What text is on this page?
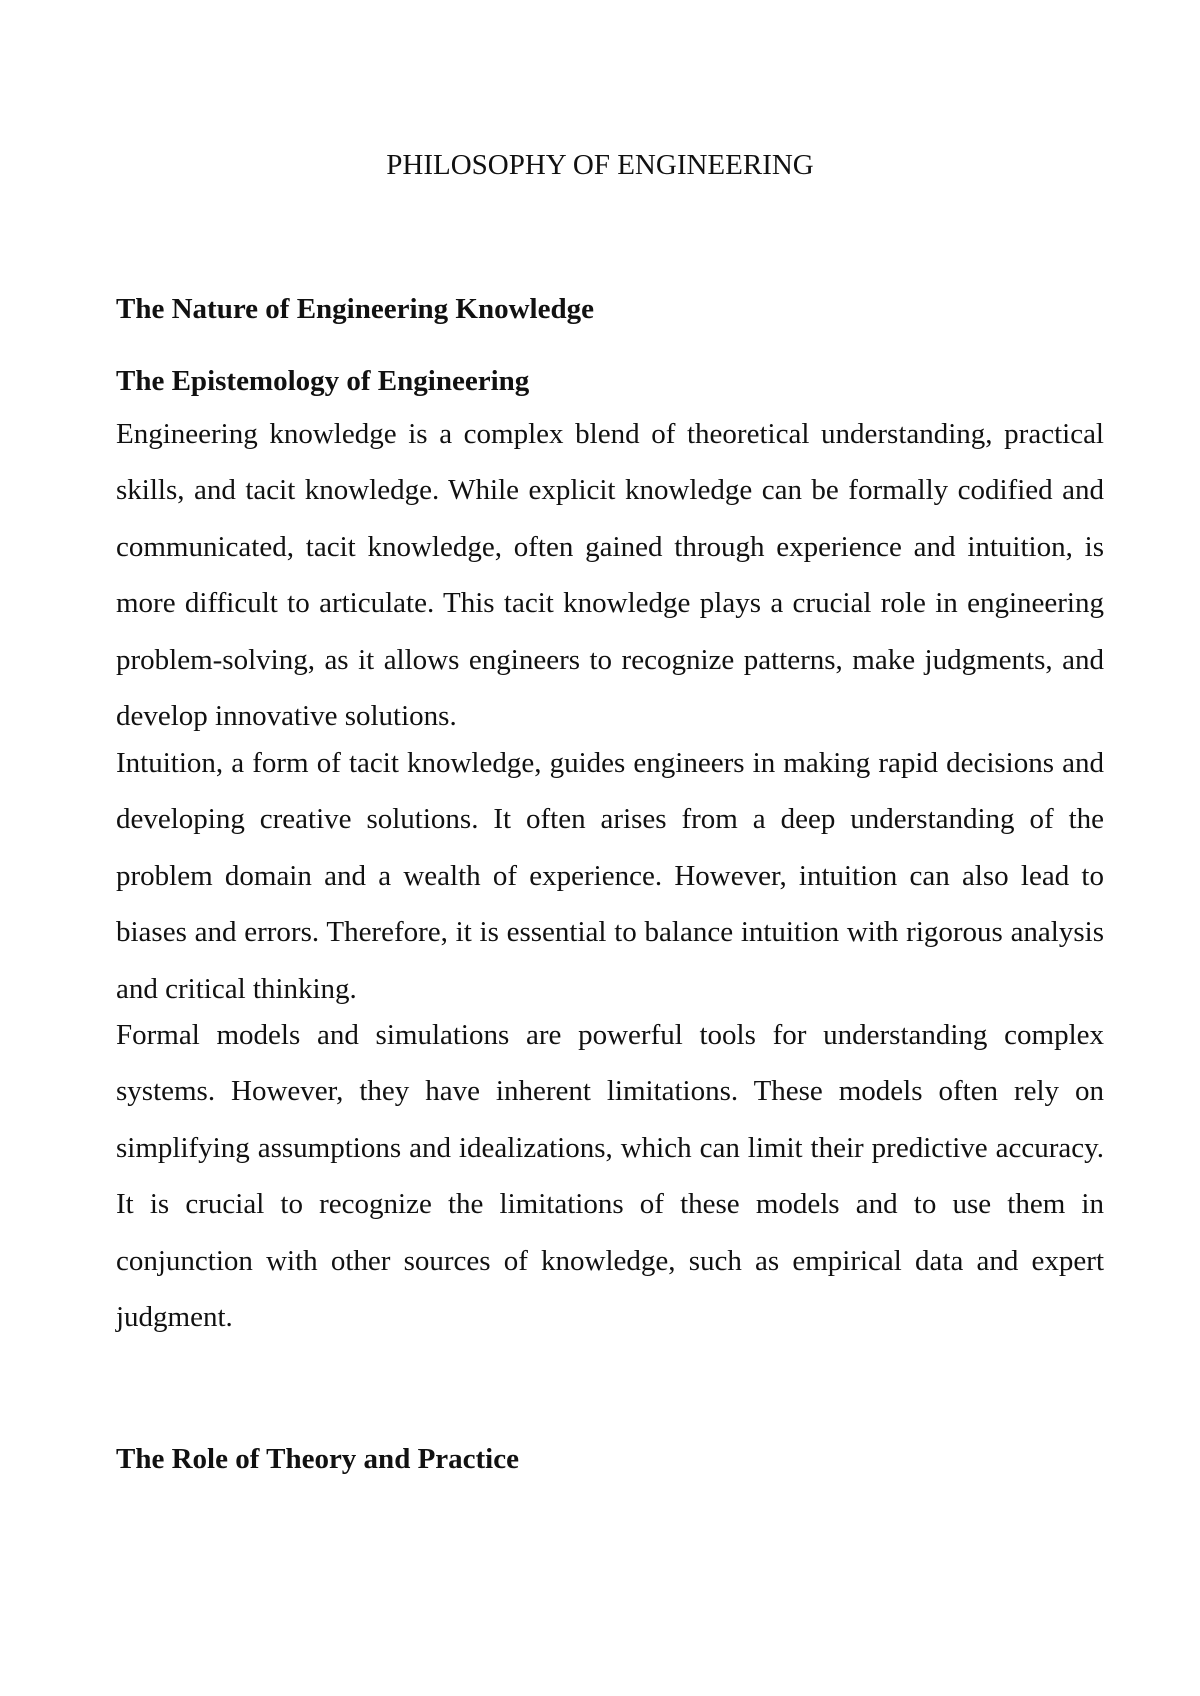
PHILOSOPHY OF ENGINEERING
The Nature of Engineering Knowledge
The Epistemology of Engineering

Engineering knowledge is a complex blend of theoretical understanding, practical skills, and tacit knowledge. While explicit knowledge can be formally codified and communicated, tacit knowledge, often gained through experience and intuition, is more difficult to articulate. This tacit knowledge plays a crucial role in engineering problem-solving, as it allows engineers to recognize patterns, make judgments, and develop innovative solutions.

Intuition, a form of tacit knowledge, guides engineers in making rapid decisions and developing creative solutions. It often arises from a deep understanding of the problem domain and a wealth of experience. However, intuition can also lead to biases and errors. Therefore, it is essential to balance intuition with rigorous analysis and critical thinking.

Formal models and simulations are powerful tools for understanding complex systems. However, they have inherent limitations. These models often rely on simplifying assumptions and idealizations, which can limit their predictive accuracy. It is crucial to recognize the limitations of these models and to use them in conjunction with other sources of knowledge, such as empirical data and expert judgment.

The Role of Theory and Practice
